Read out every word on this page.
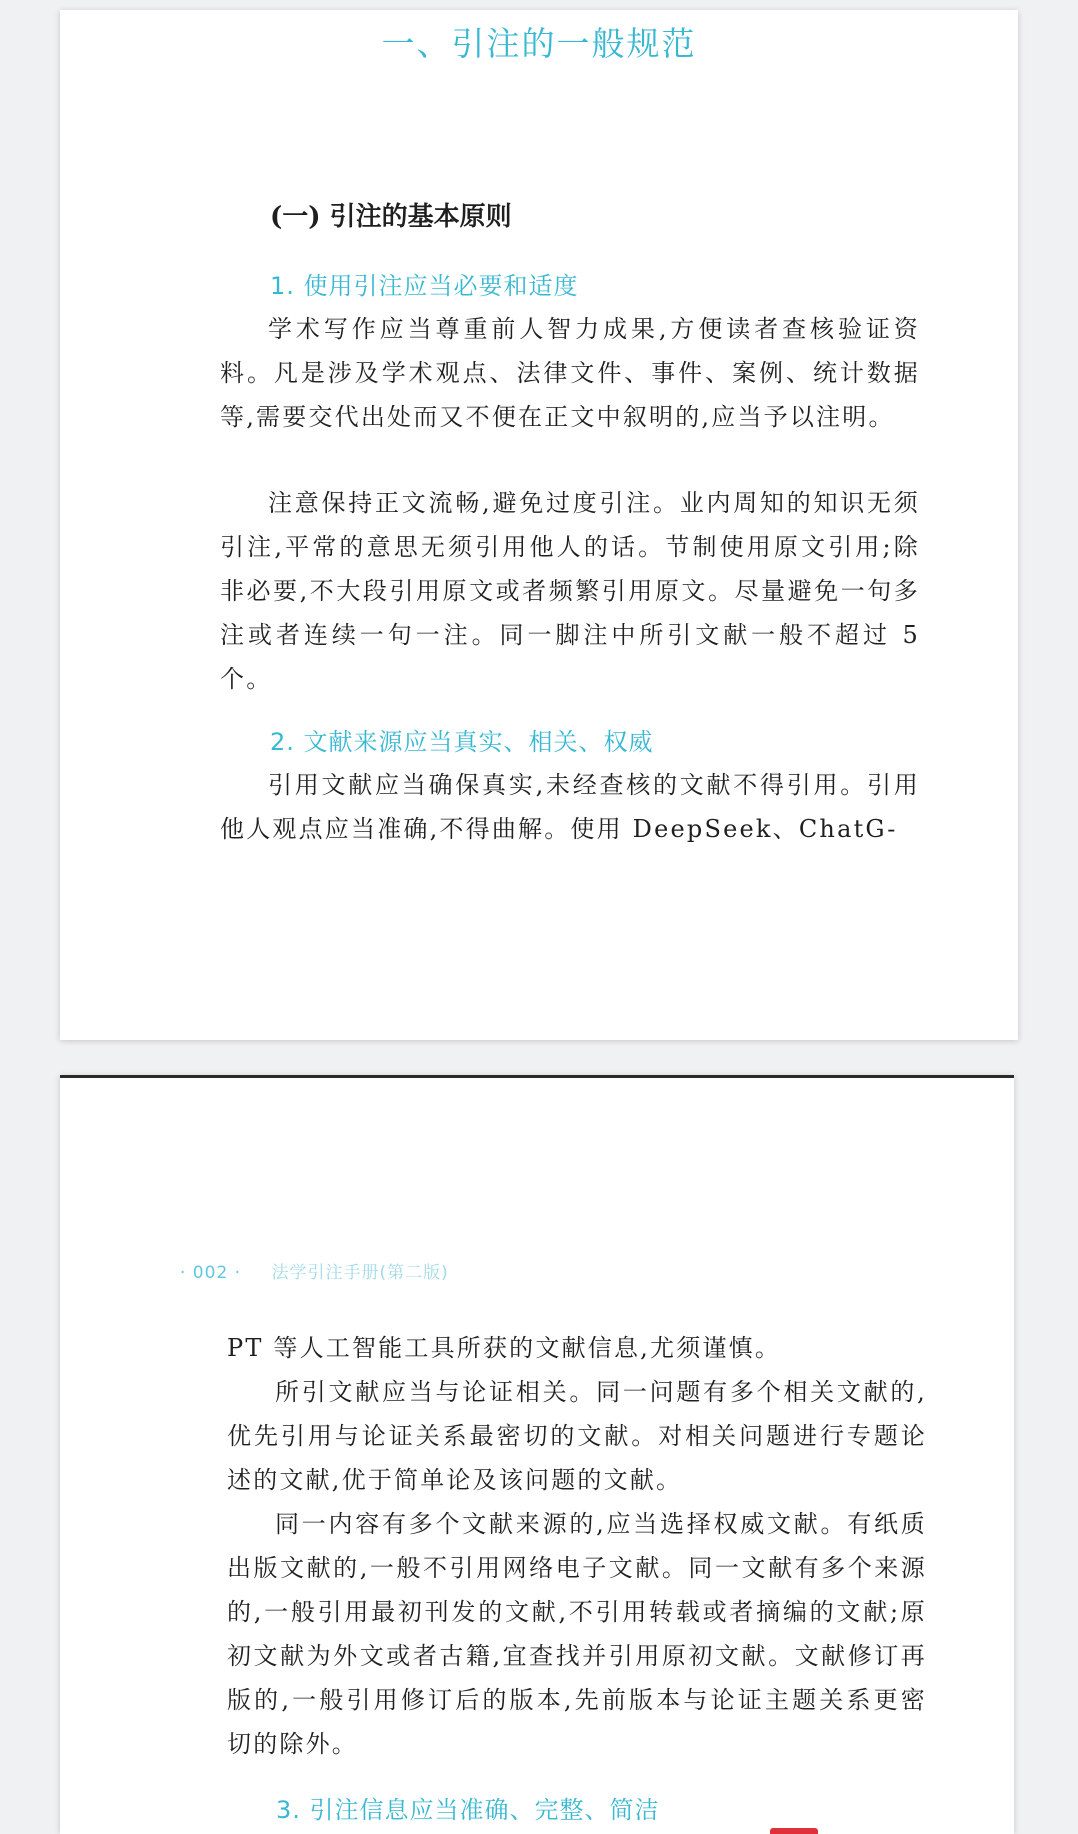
一、引注的一般规范
(一) 引注的基本原则
1. 使用引注应当必要和适度

学术写作应当尊重前人智力成果,方便读者查核验证资料。凡是涉及学术观点、法律文件、事件、案例、统计数据等,需要交代出处而又不便在正文中叙明的,应当予以注明。

注意保持正文流畅,避免过度引注。业内周知的知识无须引注,平常的意思无须引用他人的话。节制使用原文引用;除非必要,不大段引用原文或者频繁引用原文。尽量避免一句多注或者连续一句一注。同一脚注中所引文献一般不超过 5 个。

2. 文献来源应当真实、相关、权威

引用文献应当确保真实,未经查核的文献不得引用。引用他人观点应当准确,不得曲解。使用 DeepSeek、ChatG-

· 002 · 法学引注手册(第二版)

PT 等人工智能工具所获的文献信息,尤须谨慎。

所引文献应当与论证相关。同一问题有多个相关文献的,优先引用与论证关系最密切的文献。对相关问题进行专题论述的文献,优于简单论及该问题的文献。

同一内容有多个文献来源的,应当选择权威文献。有纸质出版文献的,一般不引用网络电子文献。同一文献有多个来源的,一般引用最初刊发的文献,不引用转载或者摘编的文献;原初文献为外文或者古籍,宜查找并引用原初文献。文献修订再版的,一般引用修订后的版本,先前版本与论证主题关系更密切的除外。

3. 引注信息应当准确、完整、简洁
